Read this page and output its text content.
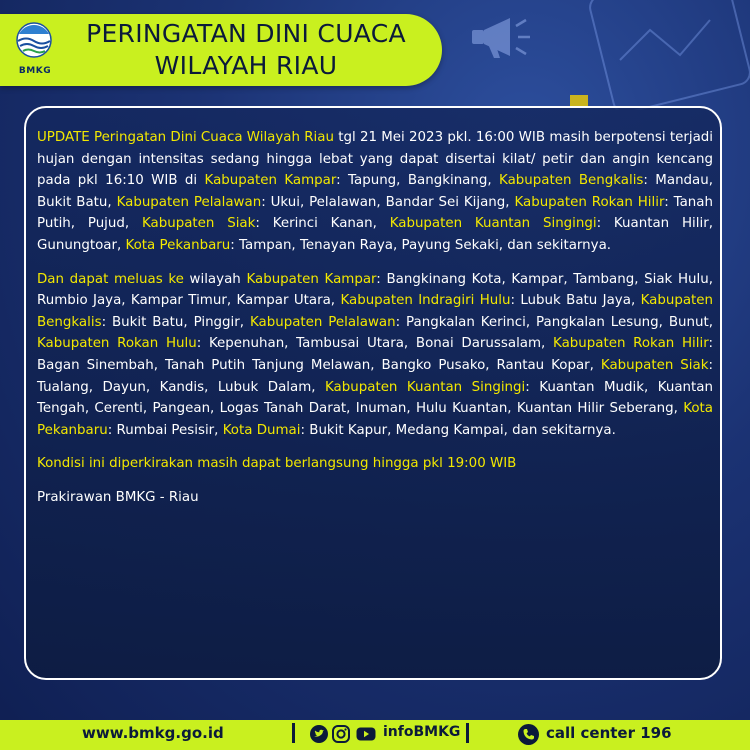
BMKG
PERINGATAN DINI CUACA
WILAYAH RIAU

UPDATE Peringatan Dini Cuaca Wilayah Riau tgl 21 Mei 2023 pkl. 16:00 WIB masih berpotensi terjadi hujan dengan intensitas sedang hingga lebat yang dapat disertai kilat/ petir dan angin kencang pada pkl 16:10 WIB di Kabupaten Kampar: Tapung, Bangkinang, Kabupaten Bengkalis: Mandau, Bukit Batu, Kabupaten Pelalawan: Ukui, Pelalawan, Bandar Sei Kijang, Kabupaten Rokan Hilir: Tanah Putih, Pujud, Kabupaten Siak: Kerinci Kanan, Kabupaten Kuantan Singingi: Kuantan Hilir, Gunungtoar, Kota Pekanbaru: Tampan, Tenayan Raya, Payung Sekaki, dan sekitarnya.

Dan dapat meluas ke wilayah Kabupaten Kampar: Bangkinang Kota, Kampar, Tambang, Siak Hulu, Rumbio Jaya, Kampar Timur, Kampar Utara, Kabupaten Indragiri Hulu: Lubuk Batu Jaya, Kabupaten Bengkalis: Bukit Batu, Pinggir, Kabupaten Pelalawan: Pangkalan Kerinci, Pangkalan Lesung, Bunut, Kabupaten Rokan Hulu: Kepenuhan, Tambusai Utara, Bonai Darussalam, Kabupaten Rokan Hilir: Bagan Sinembah, Tanah Putih Tanjung Melawan, Bangko Pusako, Rantau Kopar, Kabupaten Siak: Tualang, Dayun, Kandis, Lubuk Dalam, Kabupaten Kuantan Singingi: Kuantan Mudik, Kuantan Tengah, Cerenti, Pangean, Logas Tanah Darat, Inuman, Hulu Kuantan, Kuantan Hilir Seberang, Kota Pekanbaru: Rumbai Pesisir, Kota Dumai: Bukit Kapur, Medang Kampai, dan sekitarnya.

Kondisi ini diperkirakan masih dapat berlangsung hingga pkl 19:00 WIB

Prakirawan BMKG - Riau

www.bmkg.go.id	infoBMKG	call center 196
